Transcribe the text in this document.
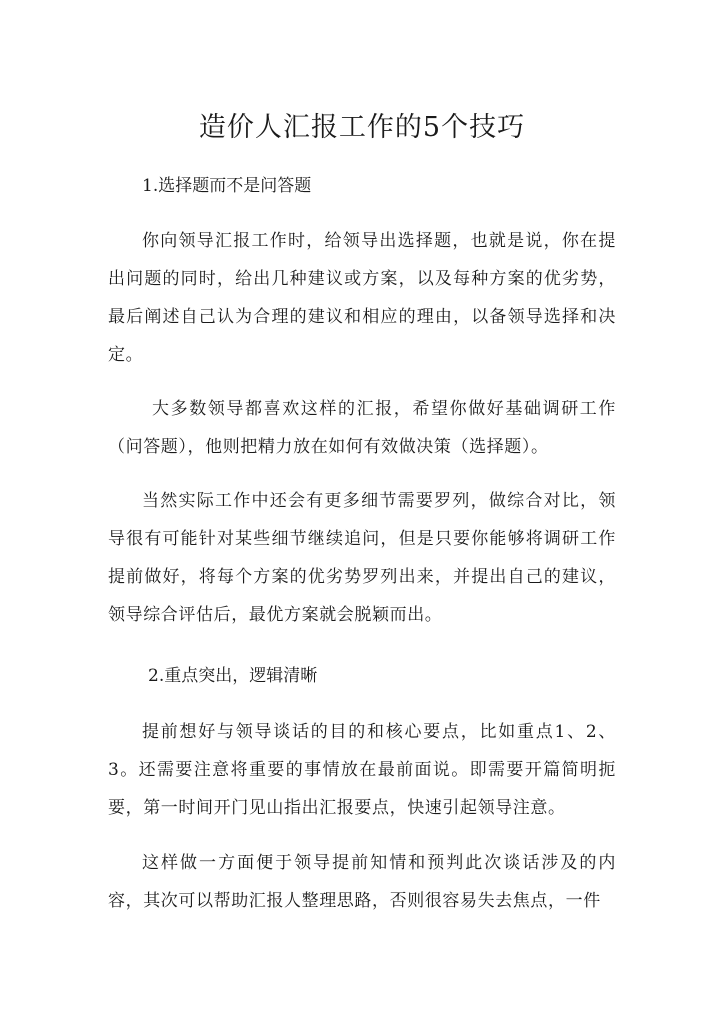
造价人汇报工作的5个技巧

1.选择题而不是问答题

你向领导汇报工作时，给领导出选择题，也就是说，你在提出问题的同时，给出几种建议或方案，以及每种方案的优劣势，最后阐述自己认为合理的建议和相应的理由，以备领导选择和决定。

大多数领导都喜欢这样的汇报，希望你做好基础调研工作（问答题），他则把精力放在如何有效做决策（选择题）。

当然实际工作中还会有更多细节需要罗列，做综合对比，领导很有可能针对某些细节继续追问，但是只要你能够将调研工作提前做好，将每个方案的优劣势罗列出来，并提出自己的建议，领导综合评估后，最优方案就会脱颖而出。

2.重点突出，逻辑清晰

提前想好与领导谈话的目的和核心要点，比如重点1、2、3。还需要注意将重要的事情放在最前面说。即需要开篇简明扼要，第一时间开门见山指出汇报要点，快速引起领导注意。

这样做一方面便于领导提前知情和预判此次谈话涉及的内容，其次可以帮助汇报人整理思路，否则很容易失去焦点，一件
